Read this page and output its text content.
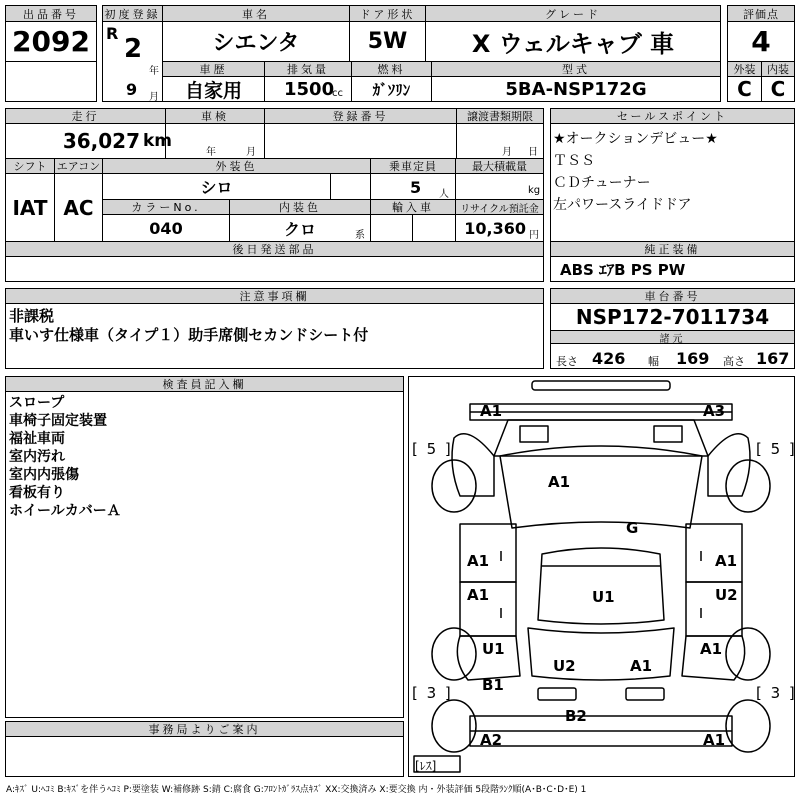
出品番号
2092
初度登録
R
2
年
9 月
車名
シエンタ
ドア形状
5W
グレード
X ウェルキャブ 車
車歴
自家用
排気量
1500
cc
燃料
ｶﾞｿﾘﾝ
型式
5BA-NSP172G
評価点
4
外装	内装
C C
走行
36,027 km
車検
年	月
登録番号	譲渡書類期限
月 日
シフト
IAT
エアコン
AC
外装色
シロ
乗車定員
5 人
最大積載量
kg
カラーNo.
040
内装色
クロ	系
輸入車	リサイクル預託金
10,360 円
後日発送部品
セールスポイント
★オークションデビュー★
ＴＳＳ
ＣＤチューナー
左パワースライドドア
純正装備
ABS ｴｱB PS PW
注意事項欄
非課税
車いす仕様車（タイプ１）助手席側セカンドシート付
車台番号
NSP172-7011734
諸元
長さ 426 幅 169 高さ 167
検査員記入欄
スロープ
車椅子固定装置
福祉車両
室内汚れ
室内内張傷
看板有り
ホイールカバーＡ
事務局よりご案内
A1	A3
A1
G
A1	A1
A1	U1	U2
U1
U2	A1
A1
B1
B2
A2	A1
[ 5 ]	[ 5 ]
[ 3 ]	[ 3 ]
[ﾚｽ]
A:ｷｽﾞ U:ﾍｺﾐ B:ｷｽﾞを伴うﾍｺﾐ P:要塗装 W:補修跡 S:錆 C:腐食 G:ﾌﾛﾝﾄｶﾞﾗｽ点ｷｽﾞ XX:交換済み X:要交換 内・外装評価 5段階ﾗﾝｸ順(A･B･C･D･E) 1
